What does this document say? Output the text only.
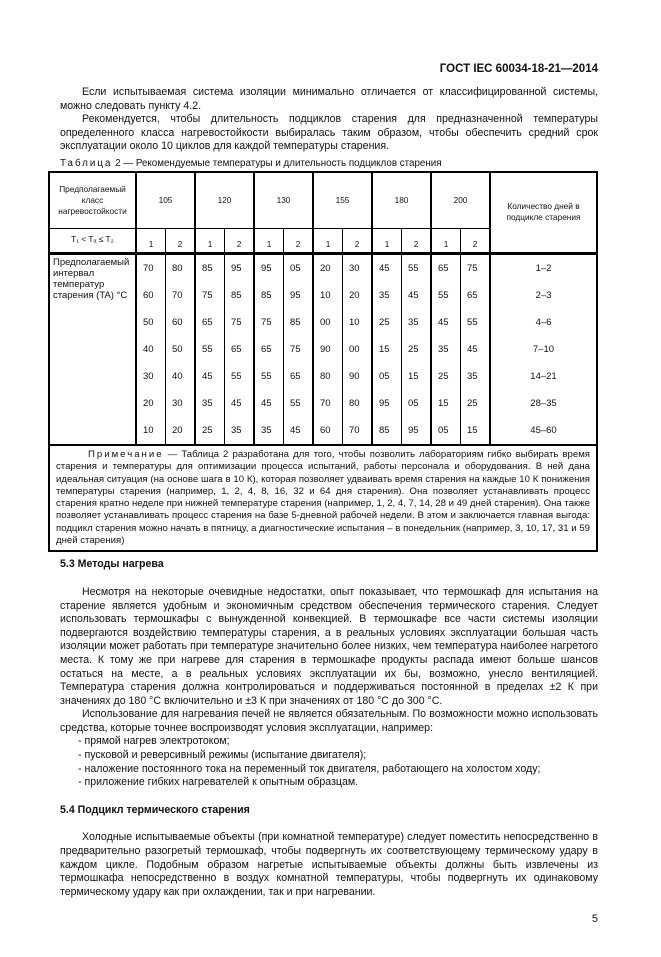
ГОСТ IEC 60034-18-21—2014

Если испытываемая система изоляции минимально отличается от классифицированной системы, можно следовать пункту 4.2.

Рекомендуется, чтобы длительность подциклов старения для предназначенной температуры определенного класса нагревостойкости выбиралась таким образом, чтобы обеспечить средний срок эксплуатации около 10 циклов для каждой температуры старения.

Таблица 2 — Рекомендуемые температуры и длительность подциклов старения
Предполагаемый класс нагревостойкости	105		120		130		155		180		200		Количество дней в подцикле старения
T₁ < Tₐ ≤ T₂	1	2	1	2	1	2	1	2	1	2	1	2	
Предполагаемый интервал температур старения (TA) °C	70	80	85	95	95	05	20	30	45	55	65	75	1–2
	60	70	75	85	85	95	10	20	35	45	55	65	2–3
	50	60	65	75	75	85	00	10	25	35	45	55	4–6
	40	50	55	65	65	75	90	00	15	25	35	45	7–10
	30	40	45	55	55	65	80	90	05	15	25	35	14–21
	20	30	35	45	45	55	70	80	95	05	15	25	28–35
	10	20	25	35	35	45	60	70	85	95	05	15	45–60
Примечание — Таблица 2 разработана для того, чтобы позволить лабораториям гибко выбирать время старения и температуры для оптимизации процесса испытаний, работы персонала и оборудования. В ней дана идеальная ситуация (на основе шага в 10 К), которая позволяет удваивать время старения на каждые 10 К понижения температуры старения (например, 1, 2, 4, 8, 16, 32 и 64 дня старения). Она позволяет устанавливать процесс старения кратно неделе при нижней температуре старения (например, 1, 2, 4, 7, 14, 28 и 49 дней старения). Она также позволяет устанавливать процесс старения на базе 5-дневной рабочей недели. В этом и заключается главная выгода: подцикл старения можно начать в пятницу, а диагностические испытания – в понедельник (например, 3, 10, 17, 31 и 59 дней старения)													

5.3 Методы нагрева

Несмотря на некоторые очевидные недостатки, опыт показывает, что термошкаф для испытания на старение является удобным и экономичным средством обеспечения термического старения. Следует использовать термошкафы с вынужденной конвекцией. В термошкафе все части системы изоляции подвергаются воздействию температуры старения, а в реальных условиях эксплуатации большая часть изоляции может работать при температуре значительно более низких, чем температура наиболее нагретого места. К тому же при нагреве для старения в термошкафе продукты распада имеют больше шансов остаться на месте, а в реальных условиях эксплуатации их бы, возможно, унесло вентиляцией. Температура старения должна контролироваться и поддерживаться постоянной в пределах ±2 К при значениях до 180 °С включительно и ±3 К при значениях от 180 °С до 300 °С.

Использование для нагревания печей не является обязательным. По возможности можно использовать средства, которые точнее воспроизводят условия эксплуатации, например:

- прямой нагрев электротоком;

- пусковой и реверсивный режимы (испытание двигателя);

- наложение постоянного тока на переменный ток двигателя, работающего на холостом ходу;

- приложение гибких нагревателей к опытным образцам.

5.4 Подцикл термического старения

Холодные испытываемые объекты (при комнатной температуре) следует поместить непосредственно в предварительно разогретый термошкаф, чтобы подвергнуть их соответствующему термическому удару в каждом цикле. Подобным образом нагретые испытываемые объекты должны быть извлечены из термошкафа непосредственно в воздух комнатной температуры, чтобы подвергнуть их одинаковому термическому удару как при охлаждении, так и при нагревании.

5
